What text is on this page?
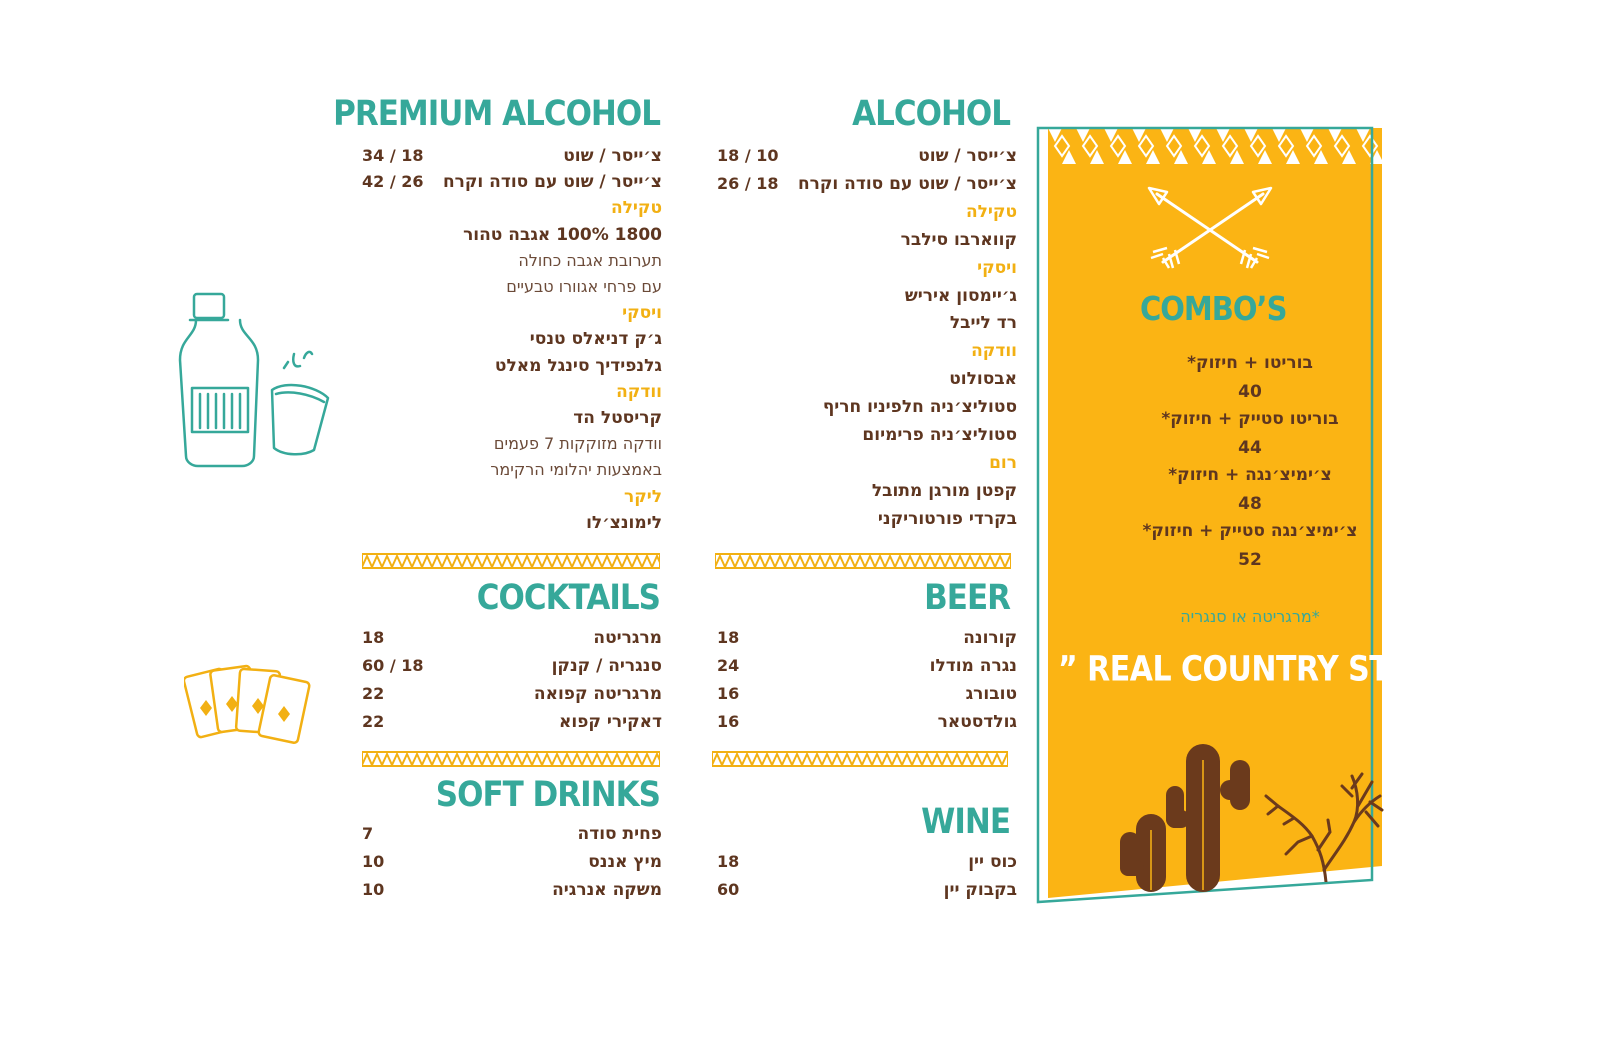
PREMIUM ALCOHOL	ALCOHOL
COCKTAILS	BEER
SOFT DRINKS
WINE
צ׳ייסר / שוט
34 / 18
צ׳ייסר / שוט עם סודה וקרח
42 / 26
טקילה
1800 100% אגבה טהור
תערובת אגבה כחולה
עם פרחי אגוורו טבעיים
ויסקי
ג׳ק דניאלס טנסי
גלנפידיך סינגל מאלט
וודקה
קריסטל הד
וודקה מזוקקות 7 פעמים
באמצעות יהלומי הרקימר
ליקר
לימונצ׳לו
צ׳ייסר / שוט
18 / 10
צ׳ייסר / שוט עם סודה וקרח
26 / 18
טקילה
קווארבו סילבר
ויסקי
ג׳יימסון איריש
רד לייבל
וודקה
אבסולוט
סטוליצ׳ניה חלפיניו חריף
סטוליצ׳ניה פרימיום
רום
קפטן מורגן מתובל
בקרדי פורטוריקני
מרגריטה
18
סנגריה / קנקן
60 / 18
מרגריטה קפואה
22
דאקירי קפוא
22
קורונה
18
נגרה מודלו
24
טובורג
16
גולדסטאר
16
פחית סודה
7
מיץ אננס
10
משקה אנרגיה
10
כוס יין
18
בקבוק יין
60
COMBO’S
בוריטו + חיזוק*
40
בוריטו סטייק + חיזוק*
44
צ׳ימיצ׳נגה + חיזוק*
48
צ׳ימיצ׳נגה סטייק + חיזוק*
52
*מרגריטה או סנגריה
” REAL COUNTRY STYLE “
